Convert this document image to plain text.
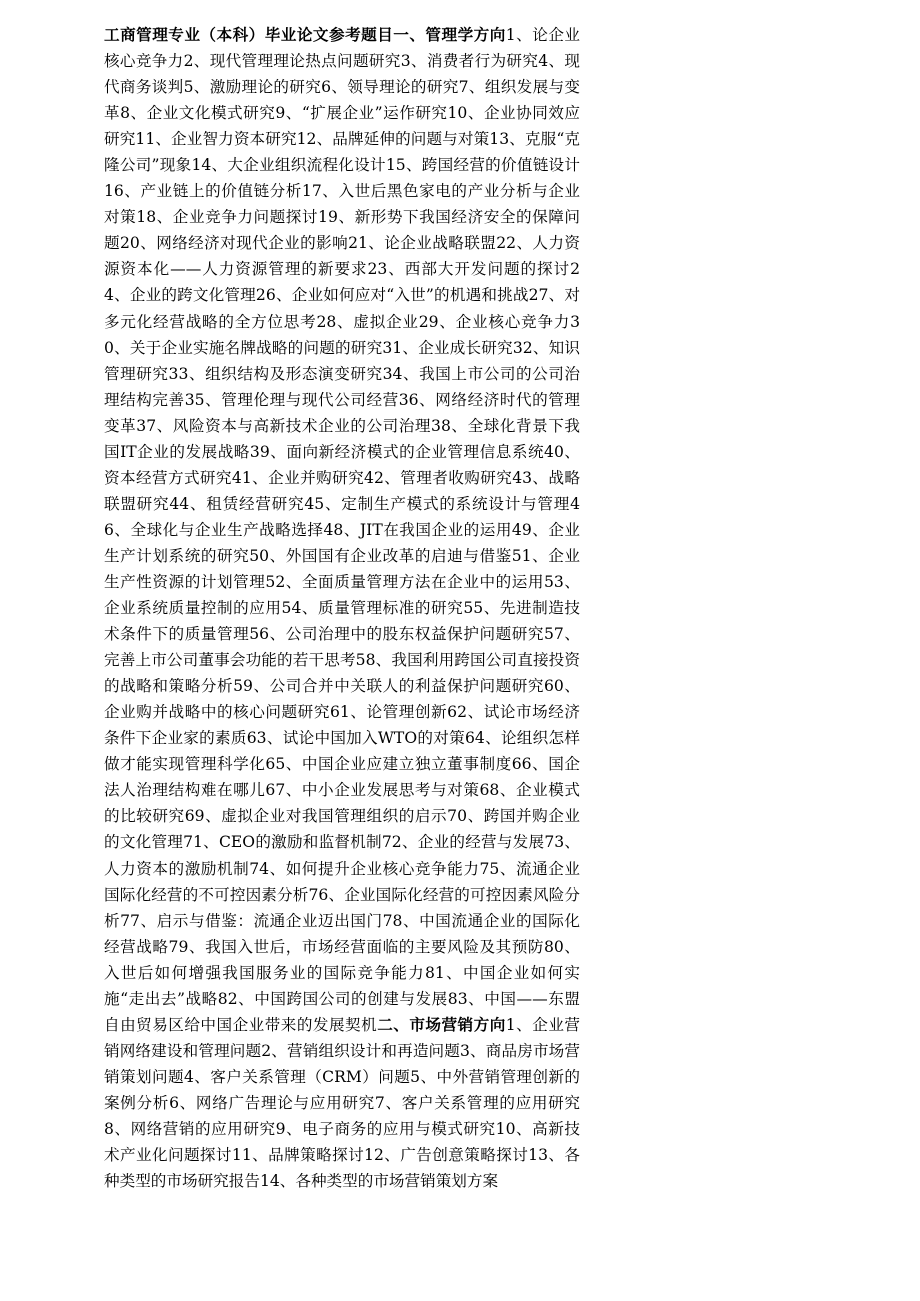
工商管理专业（本科）毕业论文参考题目一、管理学方向1、论企业核心竞争力2、现代管理理论热点问题研究3、消费者行为研究4、现代商务谈判5、激励理论的研究6、领导理论的研究7、组织发展与变革8、企业文化模式研究9、“扩展企业”运作研究10、企业协同效应研究11、企业智力资本研究12、品牌延伸的问题与对策13、克服“克隆公司”现象14、大企业组织流程化设计15、跨国经营的价值链设计16、产业链上的价值链分析17、入世后黑色家电的产业分析与企业对策18、企业竞争力问题探讨19、新形势下我国经济安全的保障问题20、网络经济对现代企业的影响21、论企业战略联盟22、人力资源资本化——人力资源管理的新要求23、西部大开发问题的探讨24、企业的跨文化管理26、企业如何应对“入世”的机遇和挑战27、对多元化经营战略的全方位思考28、虚拟企业29、企业核心竞争力30、关于企业实施名牌战略的问题的研究31、企业成长研究32、知识管理研究33、组织结构及形态演变研究34、我国上市公司的公司治理结构完善35、管理伦理与现代公司经营36、网络经济时代的管理变革37、风险资本与高新技术企业的公司治理38、全球化背景下我国IT企业的发展战略39、面向新经济模式的企业管理信息系统40、资本经营方式研究41、企业并购研究42、管理者收购研究43、战略联盟研究44、租赁经营研究45、定制生产模式的系统设计与管理46、全球化与企业生产战略选择48、JIT在我国企业的运用49、企业生产计划系统的研究50、外国国有企业改革的启迪与借鉴51、企业生产性资源的计划管理52、全面质量管理方法在企业中的运用53、企业系统质量控制的应用54、质量管理标准的研究55、先进制造技术条件下的质量管理56、公司治理中的股东权益保护问题研究57、完善上市公司董事会功能的若干思考58、我国利用跨国公司直接投资的战略和策略分析59、公司合并中关联人的利益保护问题研究60、企业购并战略中的核心问题研究61、论管理创新62、试论市场经济条件下企业家的素质63、试论中国加入WTO的对策64、论组织怎样做才能实现管理科学化65、中国企业应建立独立董事制度66、国企法人治理结构难在哪儿67、中小企业发展思考与对策68、企业模式的比较研究69、虚拟企业对我国管理组织的启示70、跨国并购企业的文化管理71、CEO的激励和监督机制72、企业的经营与发展73、人力资本的激励机制74、如何提升企业核心竞争能力75、流通企业国际化经营的不可控因素分析76、企业国际化经营的可控因素风险分析77、启示与借鉴：流通企业迈出国门78、中国流通企业的国际化经营战略79、我国入世后，市场经营面临的主要风险及其预防80、入世后如何增强我国服务业的国际竞争能力81、中国企业如何实施“走出去”战略82、中国跨国公司的创建与发展83、中国——东盟自由贸易区给中国企业带来的发展契机二、市场营销方向1、企业营销网络建设和管理问题2、营销组织设计和再造问题3、商品房市场营销策划问题4、客户关系管理（CRM）问题5、中外营销管理创新的案例分析6、网络广告理论与应用研究7、客户关系管理的应用研究8、网络营销的应用研究9、电子商务的应用与模式研究10、高新技术产业化问题探讨11、品牌策略探讨12、广告创意策略探讨13、各种类型的市场研究报告14、各种类型的市场营销策划方案
